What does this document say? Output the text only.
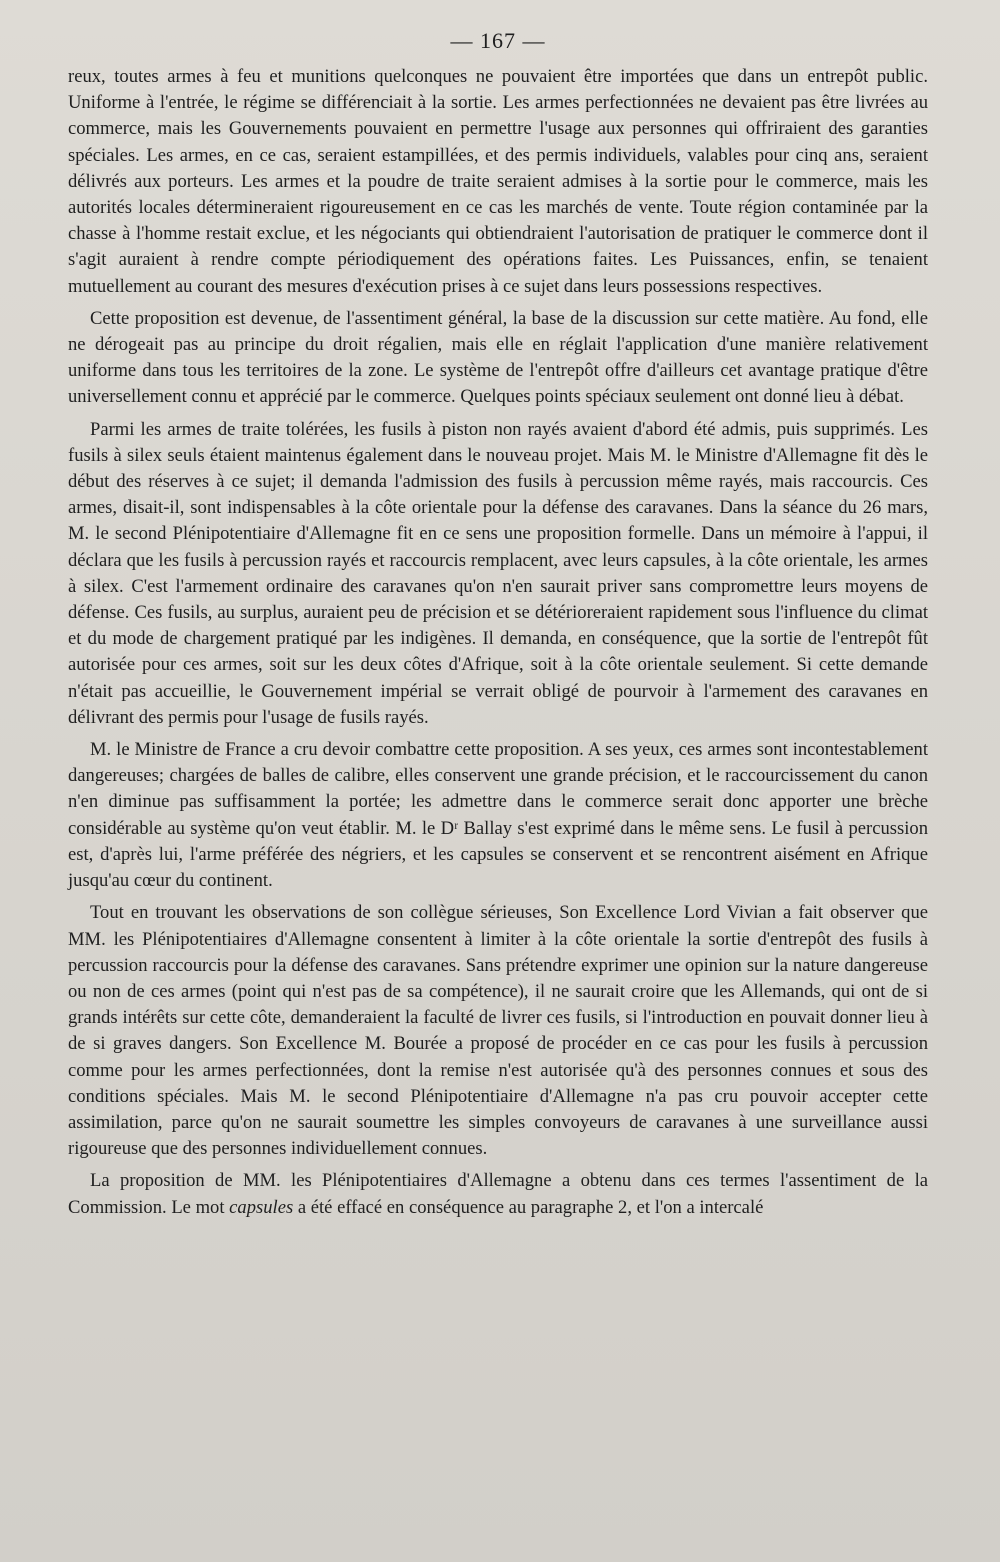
— 167 —

reux, toutes armes à feu et munitions quelconques ne pouvaient être importées que dans un entrepôt public. Uniforme à l'entrée, le régime se différenciait à la sortie. Les armes perfectionnées ne devaient pas être livrées au commerce, mais les Gouvernements pouvaient en permettre l'usage aux personnes qui offriraient des garanties spéciales. Les armes, en ce cas, seraient estampillées, et des permis individuels, valables pour cinq ans, seraient délivrés aux porteurs. Les armes et la poudre de traite seraient admises à la sortie pour le commerce, mais les autorités locales détermineraient rigoureusement en ce cas les marchés de vente. Toute région contaminée par la chasse à l'homme restait exclue, et les négociants qui obtiendraient l'autorisation de pratiquer le commerce dont il s'agit auraient à rendre compte périodiquement des opérations faites. Les Puissances, enfin, se tenaient mutuellement au courant des mesures d'exécution prises à ce sujet dans leurs possessions respectives.

Cette proposition est devenue, de l'assentiment général, la base de la discussion sur cette matière. Au fond, elle ne dérogeait pas au principe du droit régalien, mais elle en réglait l'application d'une manière relativement uniforme dans tous les territoires de la zone. Le système de l'entrepôt offre d'ailleurs cet avantage pratique d'être universellement connu et apprécié par le commerce. Quelques points spéciaux seulement ont donné lieu à débat.

Parmi les armes de traite tolérées, les fusils à piston non rayés avaient d'abord été admis, puis supprimés. Les fusils à silex seuls étaient maintenus également dans le nouveau projet. Mais M. le Ministre d'Allemagne fit dès le début des réserves à ce sujet; il demanda l'admission des fusils à percussion même rayés, mais raccourcis. Ces armes, disait-il, sont indispensables à la côte orientale pour la défense des caravanes. Dans la séance du 26 mars, M. le second Plénipotentiaire d'Allemagne fit en ce sens une proposition formelle. Dans un mémoire à l'appui, il déclara que les fusils à percussion rayés et raccourcis remplacent, avec leurs capsules, à la côte orientale, les armes à silex. C'est l'armement ordinaire des caravanes qu'on n'en saurait priver sans compromettre leurs moyens de défense. Ces fusils, au surplus, auraient peu de précision et se détérioreraient rapidement sous l'influence du climat et du mode de chargement pratiqué par les indigènes. Il demanda, en conséquence, que la sortie de l'entrepôt fût autorisée pour ces armes, soit sur les deux côtes d'Afrique, soit à la côte orientale seulement. Si cette demande n'était pas accueillie, le Gouvernement impérial se verrait obligé de pourvoir à l'armement des caravanes en délivrant des permis pour l'usage de fusils rayés.

M. le Ministre de France a cru devoir combattre cette proposition. A ses yeux, ces armes sont incontestablement dangereuses; chargées de balles de calibre, elles conservent une grande précision, et le raccourcissement du canon n'en diminue pas suffisamment la portée; les admettre dans le commerce serait donc apporter une brèche considérable au système qu'on veut établir. M. le Dʳ Ballay s'est exprimé dans le même sens. Le fusil à percussion est, d'après lui, l'arme préférée des négriers, et les capsules se conservent et se rencontrent aisément en Afrique jusqu'au cœur du continent.

Tout en trouvant les observations de son collègue sérieuses, Son Excellence Lord Vivian a fait observer que MM. les Plénipotentiaires d'Allemagne consentent à limiter à la côte orientale la sortie d'entrepôt des fusils à percussion raccourcis pour la défense des caravanes. Sans prétendre exprimer une opinion sur la nature dangereuse ou non de ces armes (point qui n'est pas de sa compétence), il ne saurait croire que les Allemands, qui ont de si grands intérêts sur cette côte, demanderaient la faculté de livrer ces fusils, si l'introduction en pouvait donner lieu à de si graves dangers. Son Excellence M. Bourée a proposé de procéder en ce cas pour les fusils à percussion comme pour les armes perfectionnées, dont la remise n'est autorisée qu'à des personnes connues et sous des conditions spéciales. Mais M. le second Plénipotentiaire d'Allemagne n'a pas cru pouvoir accepter cette assimilation, parce qu'on ne saurait soumettre les simples convoyeurs de caravanes à une surveillance aussi rigoureuse que des personnes individuellement connues.

La proposition de MM. les Plénipotentiaires d'Allemagne a obtenu dans ces termes l'assentiment de la Commission. Le mot capsules a été effacé en conséquence au paragraphe 2, et l'on a intercalé
